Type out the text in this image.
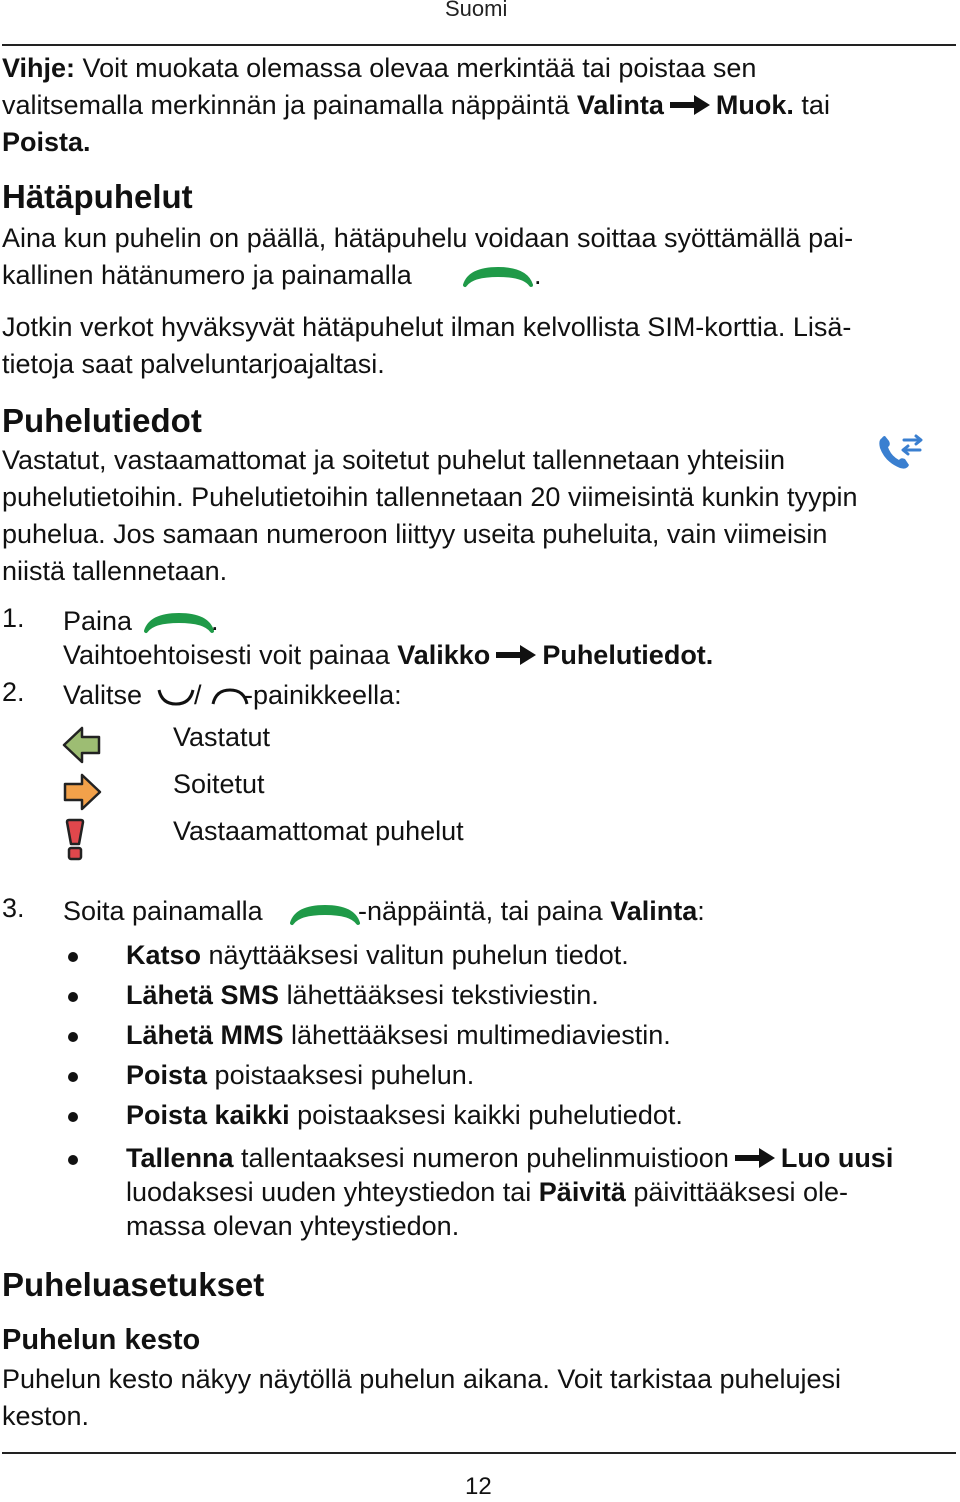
Suomi
Vihje: Voit muokata olemassa olevaa merkintää tai poistaa sen
valitsemalla merkinnän ja painamalla näppäintä Valinta Muok. tai
Poista.
Hätäpuhelut
Aina kun puhelin on päällä, hätäpuhelu voidaan soittaa syöttämällä pai-
kallinen hätänumero ja painamalla	.
Jotkin verkot hyväksyvät hätäpuhelut ilman kelvollista SIM-korttia. Lisä-
tietoja saat palveluntarjoajaltasi.
Puhelutiedot
Vastatut, vastaamattomat ja soitetut puhelut tallennetaan yhteisiin
puhelutietoihin. Puhelutietoihin tallennetaan 20 viimeisintä kunkin tyypin
puhelua. Jos samaan numeroon liittyy useita puheluita, vain viimeisin
niistä tallennetaan.
1. Paina	.
Vaihtoehtoisesti voit painaa Valikko Puhelutiedot.
2. Valitse / -painikkeella:
Vastatut
Soitetut
Vastaamattomat puhelut
3. Soita painamalla	-näppäintä, tai paina Valinta:
Katso näyttääksesi valitun puhelun tiedot.
Lähetä SMS lähettääksesi tekstiviestin.
Lähetä MMS lähettääksesi multimediaviestin.
Poista poistaaksesi puhelun.
Poista kaikki poistaaksesi kaikki puhelutiedot.
Tallenna tallentaaksesi numeron puhelinmuistioon Luo uusi
luodaksesi uuden yhteystiedon tai Päivitä päivittääksesi ole-
massa olevan yhteystiedon.
Puheluasetukset
Puhelun kesto
Puhelun kesto näkyy näytöllä puhelun aikana. Voit tarkistaa puhelujesi
keston.
12
